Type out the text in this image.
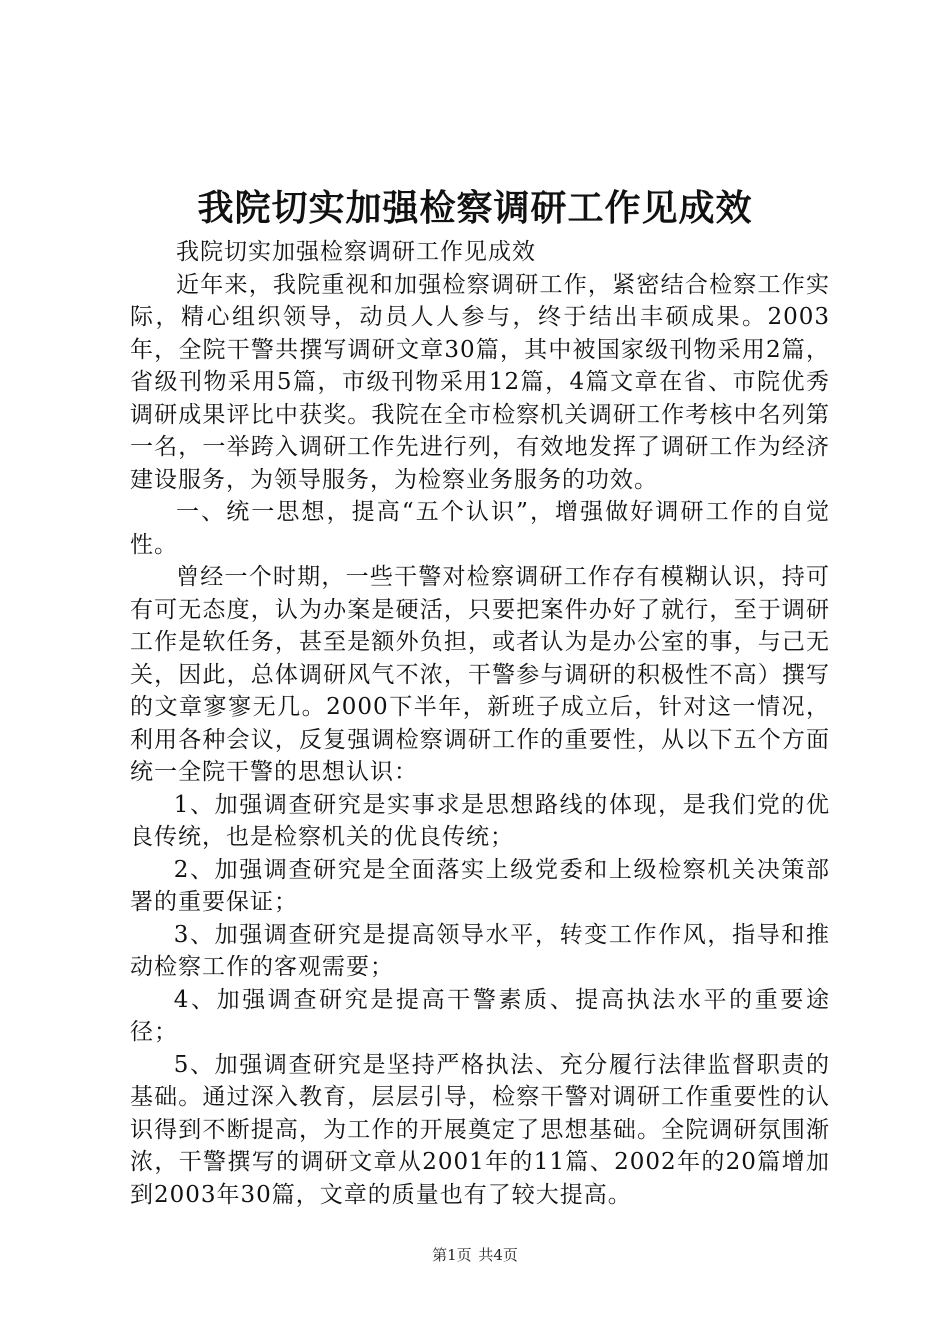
我院切实加强检察调研工作见成效

我院切实加强检察调研工作见成效

近年来，我院重视和加强检察调研工作，紧密结合检察工作实际，精心组织领导，动员人人参与，终于结出丰硕成果。2003年，全院干警共撰写调研文章30篇，其中被国家级刊物采用2篇，省级刊物采用5篇，市级刊物采用12篇，4篇文章在省、市院优秀调研成果评比中获奖。我院在全市检察机关调研工作考核中名列第一名，一举跨入调研工作先进行列，有效地发挥了调研工作为经济建设服务，为领导服务，为检察业务服务的功效。

一、统一思想，提高“五个认识”，增强做好调研工作的自觉性。

曾经一个时期，一些干警对检察调研工作存有模糊认识，持可有可无态度，认为办案是硬活，只要把案件办好了就行，至于调研工作是软任务，甚至是额外负担，或者认为是办公室的事，与己无关，因此，总体调研风气不浓，干警参与调研的积极性不高）撰写的文章寥寥无几。2000下半年，新班子成立后，针对这一情况，利用各种会议，反复强调检察调研工作的重要性，从以下五个方面统一全院干警的思想认识：

1、加强调查研究是实事求是思想路线的体现，是我们党的优良传统，也是检察机关的优良传统；

2、加强调查研究是全面落实上级党委和上级检察机关决策部署的重要保证；

3、加强调查研究是提高领导水平，转变工作作风，指导和推动检察工作的客观需要；

4、加强调查研究是提高干警素质、提高执法水平的重要途径；

5、加强调查研究是坚持严格执法、充分履行法律监督职责的基础。通过深入教育，层层引导，检察干警对调研工作重要性的认识得到不断提高，为工作的开展奠定了思想基础。全院调研氛围渐浓，干警撰写的调研文章从2001年的11篇、2002年的20篇增加到2003年30篇，文章的质量也有了较大提高。

第1页 共4页
